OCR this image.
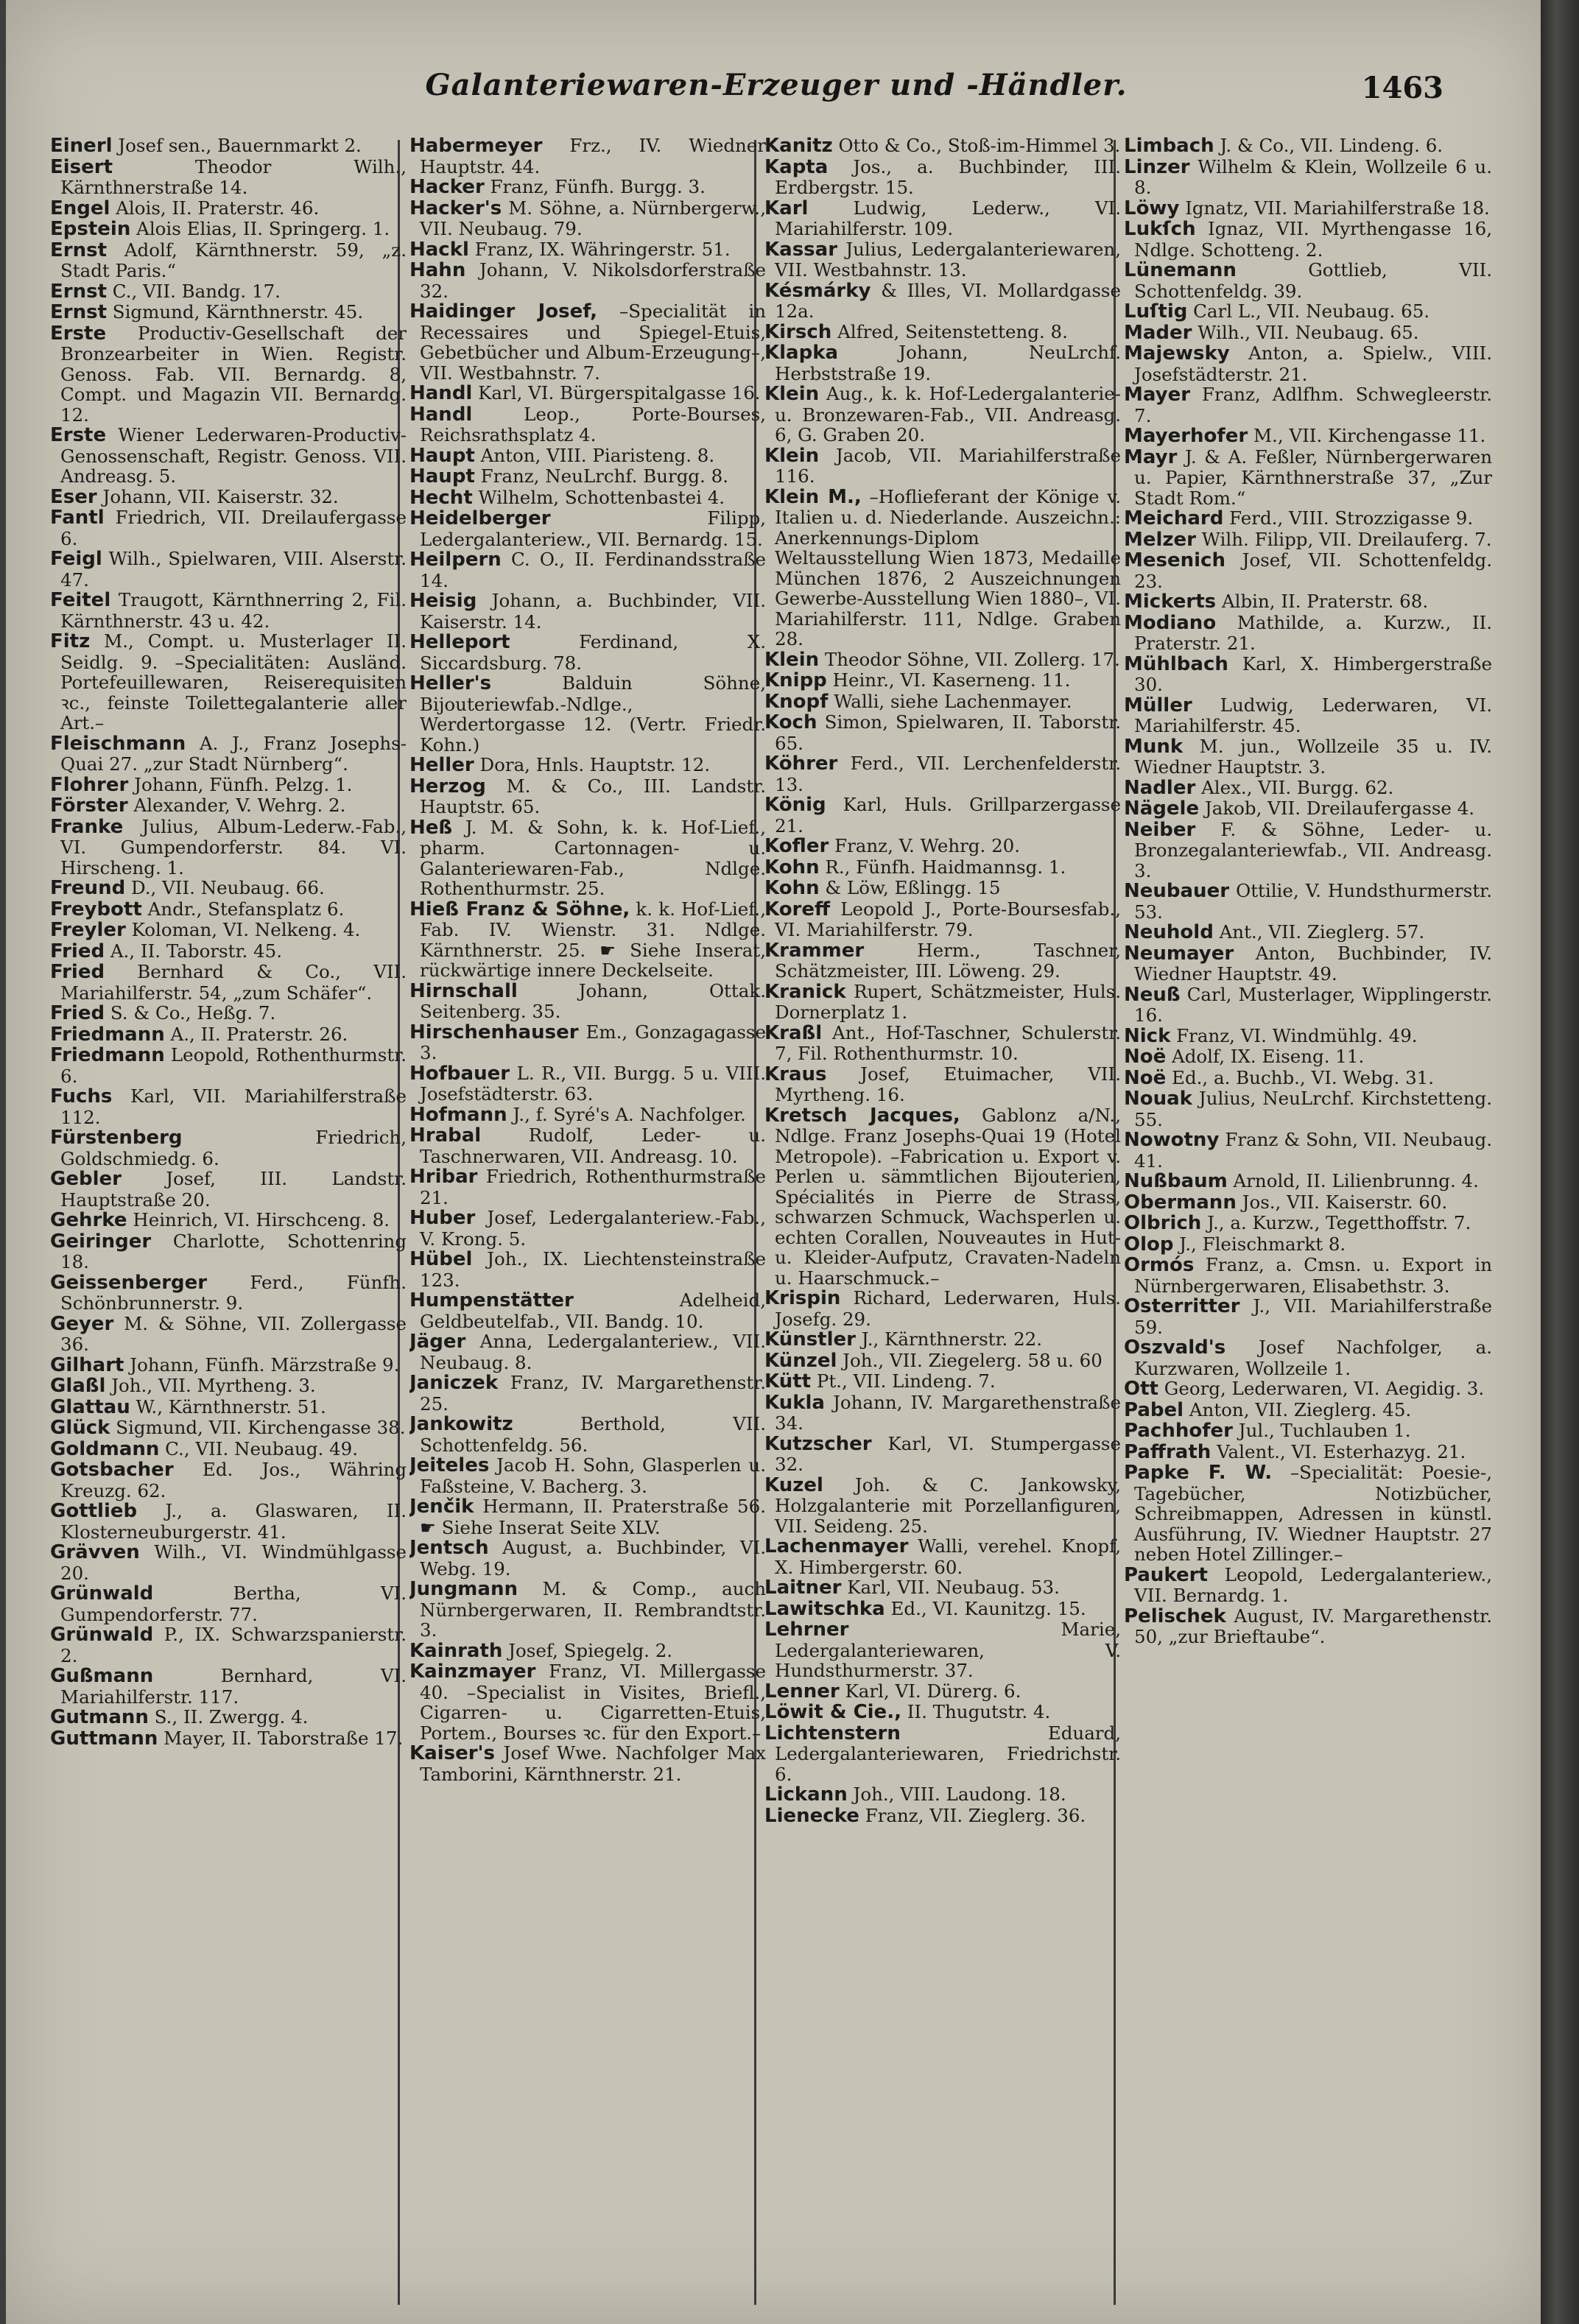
Galanteriewaren-Erzeuger und -Händler.	1463

Einerl Josef sen., Bauernmarkt 2.

Eisert Theodor Wilh., Kärnthnerstraße 14.

Engel Alois, II. Praterstr. 46.

Epstein Alois Elias, II. Springerg. 1.

Ernst Adolf, Kärnthnerstr. 59, „z. Stadt Paris.“

Ernst C., VII. Bandg. 17.

Ernst Sigmund, Kärnthnerstr. 45.

Erste Productiv-Gesellschaft der Bronzearbeiter in Wien. Registr. Genoss. Fab. VII. Bernardg. 8, Compt. und Magazin VII. Bernardg. 12.

Erste Wiener Lederwaren-Productiv-Genossenschaft, Registr. Genoss. VII. Andreasg. 5.

Eser Johann, VII. Kaiserstr. 32.

Fantl Friedrich, VII. Dreilaufergasse 6.

Feigl Wilh., Spielwaren, VIII. Alserstr. 47.

Feitel Traugott, Kärnthnerring 2, Fil. Kärnthnerstr. 43 u. 42.

Fitz M., Compt. u. Musterlager II. Seidlg. 9. –Specialitäten: Ausländ. Portefeuillewaren, Reiserequisiten ꝛc., feinste Toilettegalanterie aller Art.–

Fleischmann A. J., Franz Josephs-Quai 27. „zur Stadt Nürnberg“.

Flohrer Johann, Fünfh. Pelzg. 1.

Förster Alexander, V. Wehrg. 2.

Franke Julius, Album-Lederw.-Fab., VI. Gumpendorferstr. 84. VI. Hirscheng. 1.

Freund D., VII. Neubaug. 66.

Freybott Andr., Stefansplatz 6.

Freyler Koloman, VI. Nelkeng. 4.

Fried A., II. Taborstr. 45.

Fried Bernhard & Co., VII. Mariahilferstr. 54, „zum Schäfer“.

Fried S. & Co., Heßg. 7.

Friedmann A., II. Praterstr. 26.

Friedmann Leopold, Rothenthurmstr. 6.

Fuchs Karl, VII. Mariahilferstraße 112.

Fürstenberg Friedrich, Goldschmiedg. 6.

Gebler Josef, III. Landstr. Hauptstraße 20.

Gehrke Heinrich, VI. Hirschceng. 8.

Geiringer Charlotte, Schottenring 18.

Geissenberger Ferd., Fünfh. Schönbrunnerstr. 9.

Geyer M. & Söhne, VII. Zollergasse 36.

Gilhart Johann, Fünfh. Märzstraße 9.

Glaßl Joh., VII. Myrtheng. 3.

Glattau W., Kärnthnerstr. 51.

Glück Sigmund, VII. Kirchengasse 38.

Goldmann C., VII. Neubaug. 49.

Gotsbacher Ed. Jos., Währing Kreuzg. 62.

Gottlieb J., a. Glaswaren, II. Klosterneuburgerstr. 41.

Grävven Wilh., VI. Windmühlgasse 20.

Grünwald Bertha, VI. Gumpendorferstr. 77.

Grünwald P., IX. Schwarzspanierstr. 2.

Gußmann Bernhard, VI. Mariahilferstr. 117.

Gutmann S., II. Zwergg. 4.

Guttmann Mayer, II. Taborstraße 17.

Habermeyer Frz., IV. Wiedner Hauptstr. 44.

Hacker Franz, Fünfh. Burgg. 3.

Hacker's M. Söhne, a. Nürnbergerw., VII. Neubaug. 79.

Hackl Franz, IX. Währingerstr. 51.

Hahn Johann, V. Nikolsdorferstraße 32.

Haidinger Josef, –Specialität in Recessaires und Spiegel-Etuis, Gebetbücher und Album-Erzeugung–, VII. Westbahnstr. 7.

Handl Karl, VI. Bürgerspitalgasse 16.

Handl Leop., Porte-Bourses, Reichsrathsplatz 4.

Haupt Anton, VIII. Piaristeng. 8.

Haupt Franz, NeuLrchf. Burgg. 8.

Hecht Wilhelm, Schottenbastei 4.

Heidelberger Filipp, Ledergalanteriew., VII. Bernardg. 15.

Heilpern C. O., II. Ferdinandsstraße 14.

Heisig Johann, a. Buchbinder, VII. Kaiserstr. 14.

Helleport Ferdinand, X. Siccardsburg. 78.

Heller's Balduin Söhne, Bijouteriewfab.-Ndlge., Werdertorgasse 12. (Vertr. Friedr. Kohn.)

Heller Dora, Hnls. Hauptstr. 12.

Herzog M. & Co., III. Landstr. Hauptstr. 65.

Heß J. M. & Sohn, k. k. Hof-Lief., pharm. Cartonnagen- u. Galanteriewaren-Fab., Ndlge. Rothenthurmstr. 25.

Hieß Franz & Söhne, k. k. Hof-Lief., Fab. IV. Wienstr. 31. Ndlge. Kärnthnerstr. 25. ☛ Siehe Inserat, rückwärtige innere Deckelseite.

Hirnschall Johann, Ottak. Seitenberg. 35.

Hirschenhauser Em., Gonzagagasse 3.

Hofbauer L. R., VII. Burgg. 5 u. VIII. Josefstädterstr. 63.

Hofmann J., f. Syré's A. Nachfolger.

Hrabal Rudolf, Leder- u. Taschnerwaren, VII. Andreasg. 10.

Hribar Friedrich, Rothenthurmstraße 21.

Huber Josef, Ledergalanteriew.-Fab., V. Krong. 5.

Hübel Joh., IX. Liechtensteinstraße 123.

Humpenstätter Adelheid, Geldbeutelfab., VII. Bandg. 10.

Jäger Anna, Ledergalanteriew., VII. Neubaug. 8.

Janiczek Franz, IV. Margarethenstr. 25.

Jankowitz Berthold, VII. Schottenfeldg. 56.

Jeiteles Jacob H. Sohn, Glasperlen u. Faßsteine, V. Bacherg. 3.

Jenčik Hermann, II. Praterstraße 56. ☛ Siehe Inserat Seite XLV.

Jentsch August, a. Buchbinder, VI. Webg. 19.

Jungmann M. & Comp., auch Nürnbergerwaren, II. Rembrandtstr. 3.

Kainrath Josef, Spiegelg. 2.

Kainzmayer Franz, VI. Millergasse 40. –Specialist in Visites, Briefl., Cigarren- u. Cigarretten-Etuis, Portem., Bourses ꝛc. für den Export.–

Kaiser's Josef Wwe. Nachfolger Max Tamborini, Kärnthnerstr. 21.

Kanitz Otto & Co., Stoß-im-Himmel 3.

Kapta Jos., a. Buchbinder, III. Erdbergstr. 15.

Karl Ludwig, Lederw., VI. Mariahilferstr. 109.

Kassar Julius, Ledergalanteriewaren, VII. Westbahnstr. 13.

Késmárky & Illes, VI. Mollardgasse 12a.

Kirsch Alfred, Seitenstetteng. 8.

Klapka Johann, NeuLrchf. Herbststraße 19.

Klein Aug., k. k. Hof-Ledergalanterie- u. Bronzewaren-Fab., VII. Andreasg. 6, G. Graben 20.

Klein Jacob, VII. Mariahilferstraße 116.

Klein M., –Hoflieferant der Könige v. Italien u. d. Niederlande. Auszeichn.: Anerkennungs-Diplom Weltausstellung Wien 1873, Medaille München 1876, 2 Auszeichnungen Gewerbe-Ausstellung Wien 1880–, VI. Mariahilferstr. 111, Ndlge. Graben 28.

Klein Theodor Söhne, VII. Zollerg. 17.

Knipp Heinr., VI. Kaserneng. 11.

Knopf Walli, siehe Lachenmayer.

Koch Simon, Spielwaren, II. Taborstr. 65.

Köhrer Ferd., VII. Lerchenfelderstr. 13.

König Karl, Huls. Grillparzergasse 21.

Kofler Franz, V. Wehrg. 20.

Kohn R., Fünfh. Haidmannsg. 1.

Kohn & Löw, Eßlingg. 15

Koreff Leopold J., Porte-Boursesfab., VI. Mariahilferstr. 79.

Krammer Herm., Taschner, Schätzmeister, III. Löweng. 29.

Kranick Rupert, Schätzmeister, Huls. Dornerplatz 1.

Kraßl Ant., Hof-Taschner, Schulerstr. 7, Fil. Rothenthurmstr. 10.

Kraus Josef, Etuimacher, VII. Myrtheng. 16.

Kretsch Jacques, Gablonz a/N., Ndlge. Franz Josephs-Quai 19 (Hotel Metropole). –Fabrication u. Export v. Perlen u. sämmtlichen Bijouterien, Spécialités in Pierre de Strass, schwarzen Schmuck, Wachsperlen u. echten Corallen, Nouveautes in Hut- u. Kleider-Aufputz, Cravaten-Nadeln u. Haarschmuck.–

Krispin Richard, Lederwaren, Huls. Josefg. 29.

Künstler J., Kärnthnerstr. 22.

Künzel Joh., VII. Ziegelerg. 58 u. 60

Kütt Pt., VII. Lindeng. 7.

Kukla Johann, IV. Margarethenstraße 34.

Kutzscher Karl, VI. Stumpergasse 32.

Kuzel Joh. & C. Jankowsky, Holzgalanterie mit Porzellanfiguren, VII. Seideng. 25.

Lachenmayer Walli, verehel. Knopf, X. Himbergerstr. 60.

Laitner Karl, VII. Neubaug. 53.

Lawitschka Ed., VI. Kaunitzg. 15.

Lehrner Marie, Ledergalanteriewaren, V. Hundsthurmerstr. 37.

Lenner Karl, VI. Dürerg. 6.

Löwit & Cie., II. Thugutstr. 4.

Lichtenstern Eduard, Ledergalanteriewaren, Friedrichstr. 6.

Lickann Joh., VIII. Laudong. 18.

Lienecke Franz, VII. Zieglerg. 36.

Limbach J. & Co., VII. Lindeng. 6.

Linzer Wilhelm & Klein, Wollzeile 6 u. 8.

Löwy Ignatz, VII. Mariahilferstraße 18.

Lukſch Ignaz, VII. Myrthengasse 16, Ndlge. Schotteng. 2.

Lünemann Gottlieb, VII. Schottenfeldg. 39.

Luſtig Carl L., VII. Neubaug. 65.

Mader Wilh., VII. Neubaug. 65.

Majewsky Anton, a. Spielw., VIII. Josefstädterstr. 21.

Mayer Franz, Adlfhm. Schwegleerstr. 7.

Mayerhofer M., VII. Kirchengasse 11.

Mayr J. & A. Feßler, Nürnbergerwaren u. Papier, Kärnthnerstraße 37, „Zur Stadt Rom.“

Meichard Ferd., VIII. Strozzigasse 9.

Melzer Wilh. Filipp, VII. Dreilauferg. 7.

Mesenich Josef, VII. Schottenfeldg. 23.

Mickerts Albin, II. Praterstr. 68.

Modiano Mathilde, a. Kurzw., II. Praterstr. 21.

Mühlbach Karl, X. Himbergerstraße 30.

Müller Ludwig, Lederwaren, VI. Mariahilferstr. 45.

Munk M. jun., Wollzeile 35 u. IV. Wiedner Hauptstr. 3.

Nadler Alex., VII. Burgg. 62.

Nägele Jakob, VII. Dreilaufergasse 4.

Neiber F. & Söhne, Leder- u. Bronzegalanteriewfab., VII. Andreasg. 3.

Neubauer Ottilie, V. Hundsthurmerstr. 53.

Neuhold Ant., VII. Zieglerg. 57.

Neumayer Anton, Buchbinder, IV. Wiedner Hauptstr. 49.

Neuß Carl, Musterlager, Wipplingerstr. 16.

Nick Franz, VI. Windmühlg. 49.

Noë Adolf, IX. Eiseng. 11.

Noë Ed., a. Buchb., VI. Webg. 31.

Nouak Julius, NeuLrchf. Kirchstetteng. 55.

Nowotny Franz & Sohn, VII. Neubaug. 41.

Nußbaum Arnold, II. Lilienbrunng. 4.

Obermann Jos., VII. Kaiserstr. 60.

Olbrich J., a. Kurzw., Tegetthoffstr. 7.

Olop J., Fleischmarkt 8.

Ormós Franz, a. Cmsn. u. Export in Nürnbergerwaren, Elisabethstr. 3.

Osterritter J., VII. Mariahilferstraße 59.

Oszvald's Josef Nachfolger, a. Kurzwaren, Wollzeile 1.

Ott Georg, Lederwaren, VI. Aegidig. 3.

Pabel Anton, VII. Zieglerg. 45.

Pachhofer Jul., Tuchlauben 1.

Paffrath Valent., VI. Esterhazyg. 21.

Papke F. W. –Specialität: Poesie-, Tagebücher, Notizbücher, Schreibmappen, Adressen in künstl. Ausführung, IV. Wiedner Hauptstr. 27 neben Hotel Zillinger.–

Paukert Leopold, Ledergalanteriew., VII. Bernardg. 1.

Pelischek August, IV. Margarethenstr. 50, „zur Brieftaube“.
